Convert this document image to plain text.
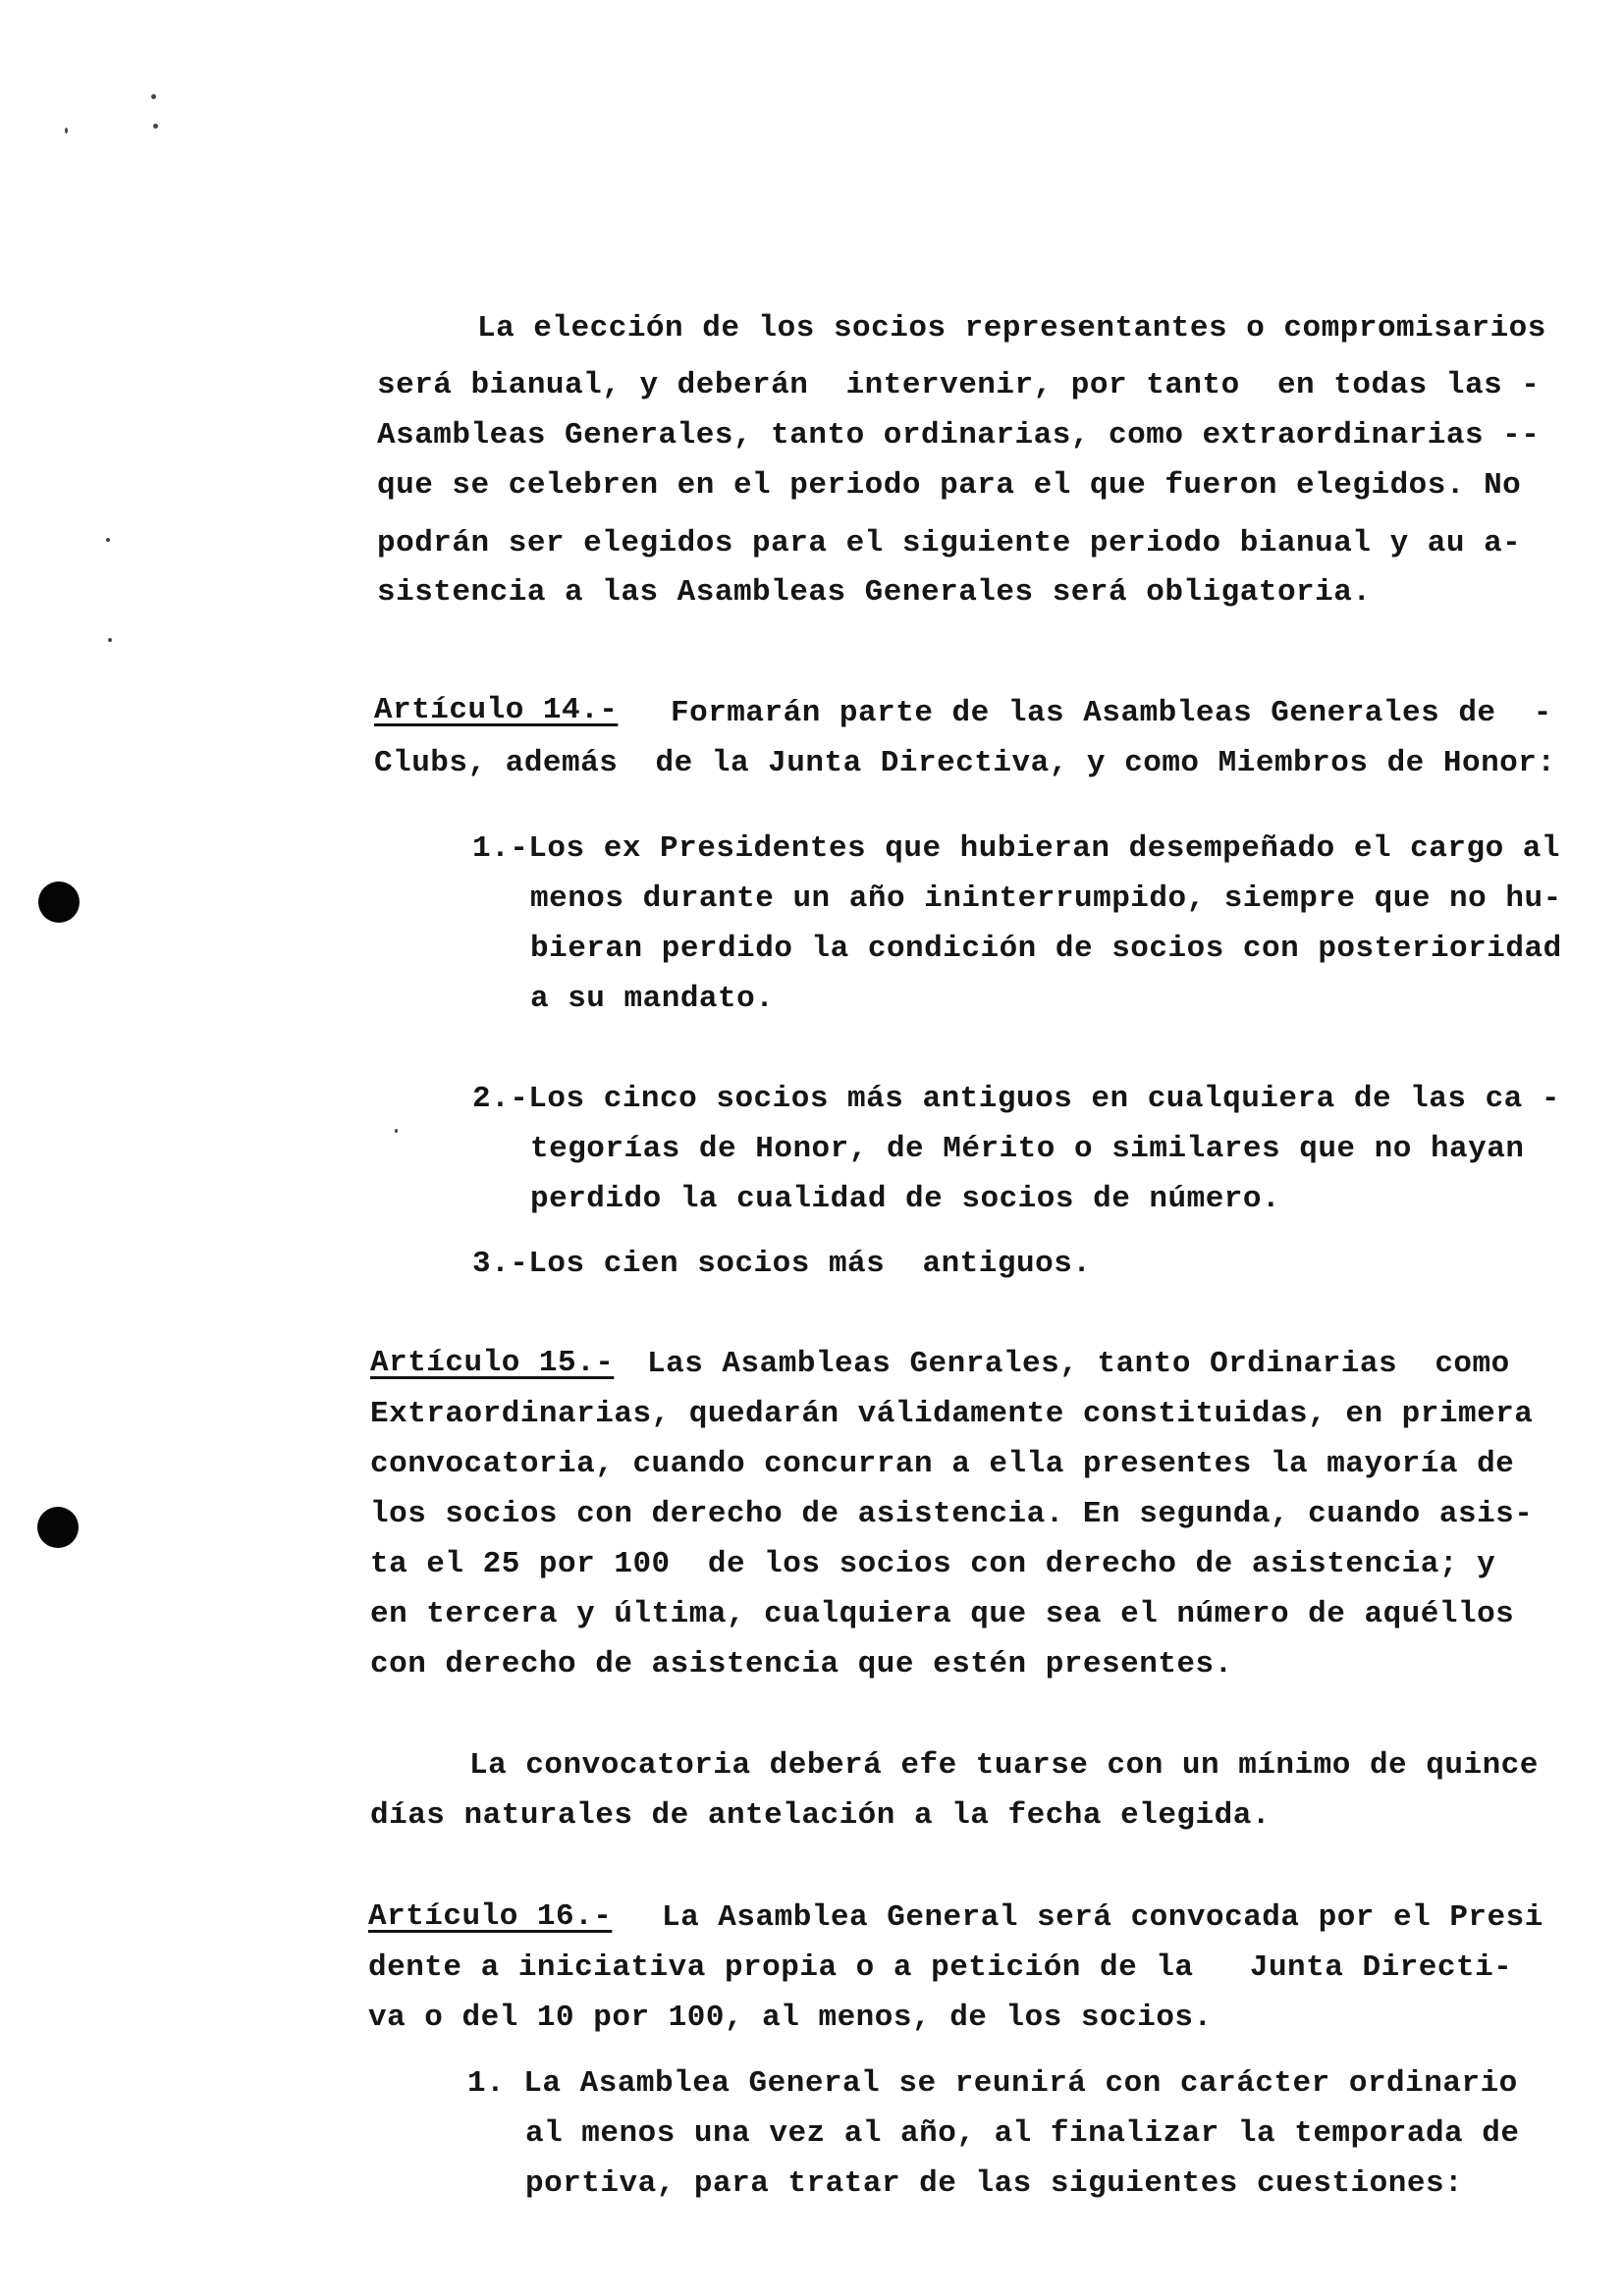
La elección de los socios representantes o compromisarios
será bianual, y deberán  intervenir, por tanto  en todas las -
Asambleas Generales, tanto ordinarias, como extraordinarias --
que se celebren en el periodo para el que fueron elegidos. No
podrán ser elegidos para el siguiente periodo bianual y au a-
sistencia a las Asambleas Generales será obligatoria.
Artículo 14.- Formarán parte de las Asambleas Generales de  -
Clubs, además  de la Junta Directiva, y como Miembros de Honor:
1.-Los ex Presidentes que hubieran desempeñado el cargo al
menos durante un año ininterrumpido, siempre que no hu-
bieran perdido la condición de socios con posterioridad
a su mandato.
2.-Los cinco socios más antiguos en cualquiera de las ca -
tegorías de Honor, de Mérito o similares que no hayan
perdido la cualidad de socios de número.
3.-Los cien socios más  antiguos.
Artículo 15.- Las Asambleas Genrales, tanto Ordinarias  como
Extraordinarias, quedarán válidamente constituidas, en primera
convocatoria, cuando concurran a ella presentes la mayoría de
los socios con derecho de asistencia. En segunda, cuando asis-
ta el 25 por 100  de los socios con derecho de asistencia; y
en tercera y última, cualquiera que sea el número de aquéllos
con derecho de asistencia que estén presentes.
La convocatoria deberá efe tuarse con un mínimo de quince
días naturales de antelación a la fecha elegida.
Artículo 16.- La Asamblea General será convocada por el Presi
dente a iniciativa propia o a petición de la   Junta Directi-
va o del 10 por 100, al menos, de los socios.
1. La Asamblea General se reunirá con carácter ordinario
al menos una vez al año, al finalizar la temporada de
portiva, para tratar de las siguientes cuestiones:
